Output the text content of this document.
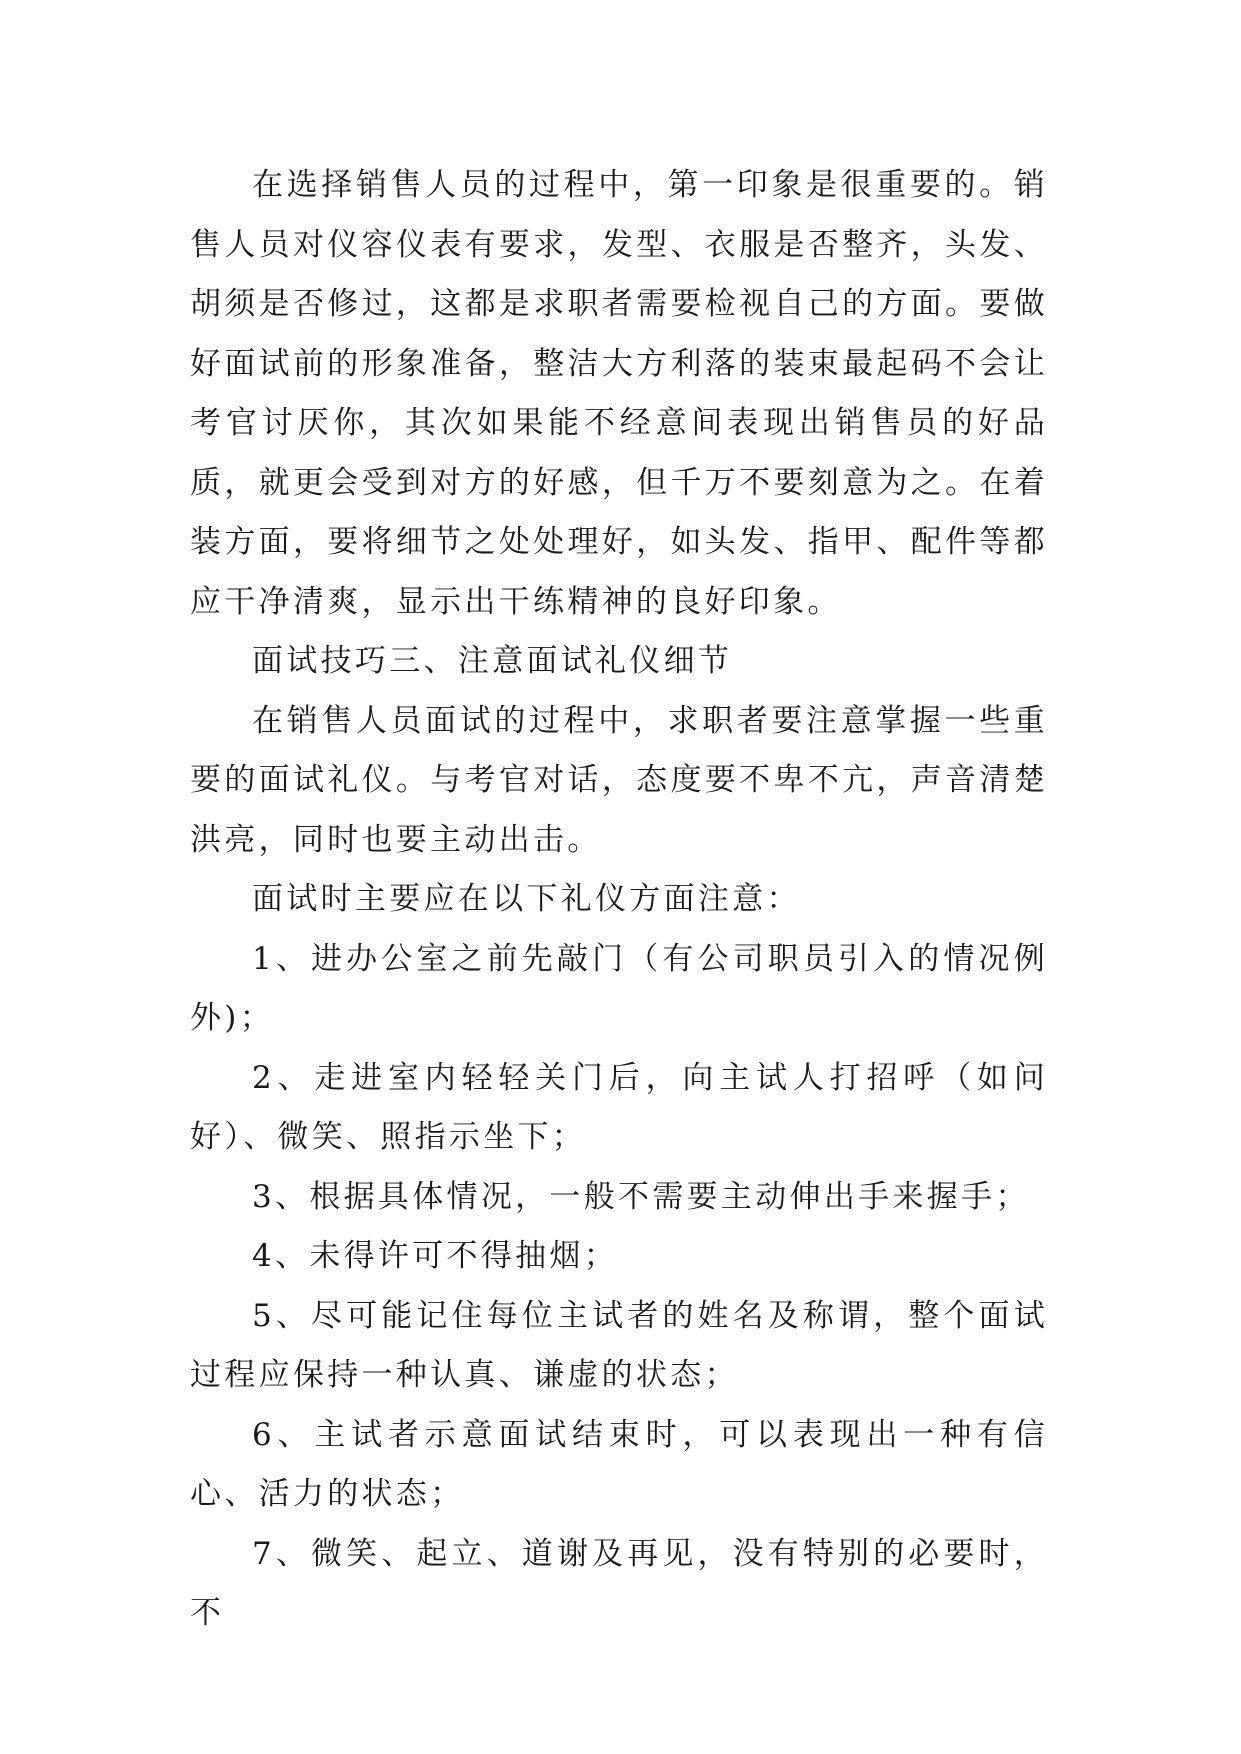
在选择销售人员的过程中，第一印象是很重要的。销售人员对仪容仪表有要求，发型、衣服是否整齐，头发、胡须是否修过，这都是求职者需要检视自己的方面。要做好面试前的形象准备，整洁大方利落的装束最起码不会让考官讨厌你，其次如果能不经意间表现出销售员的好品质，就更会受到对方的好感，但千万不要刻意为之。在着装方面，要将细节之处处理好，如头发、指甲、配件等都应干净清爽，显示出干练精神的良好印象。

面试技巧三、注意面试礼仪细节

在销售人员面试的过程中，求职者要注意掌握一些重要的面试礼仪。与考官对话，态度要不卑不亢，声音清楚洪亮，同时也要主动出击。

面试时主要应在以下礼仪方面注意：

1、进办公室之前先敲门（有公司职员引入的情况例外)；

2、走进室内轻轻关门后，向主试人打招呼（如问好）、微笑、照指示坐下；

3、根据具体情况，一般不需要主动伸出手来握手；

4、未得许可不得抽烟；

5、尽可能记住每位主试者的姓名及称谓，整个面试过程应保持一种认真、谦虚的状态；

6、主试者示意面试结束时，可以表现出一种有信心、活力的状态；

7、微笑、起立、道谢及再见，没有特别的必要时，不
